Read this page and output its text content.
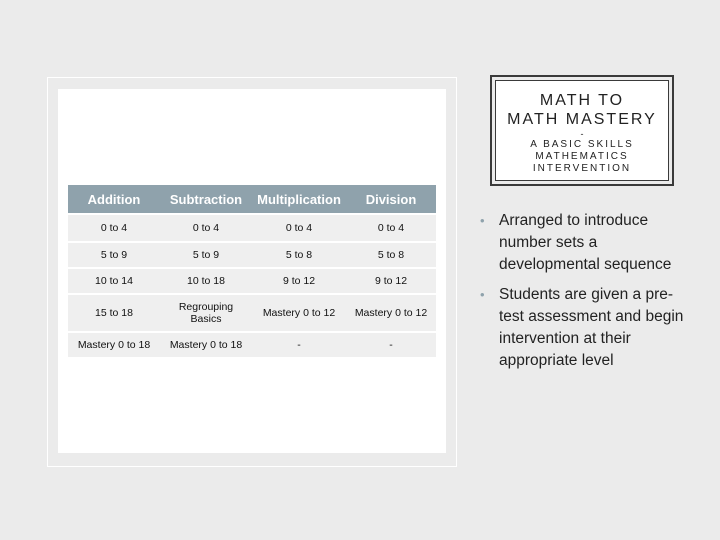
Addition	Subtraction	Multiplication	Division
0 to 4	0 to 4	0 to 4	0 to 4
5 to 9	5 to 9	5 to 8	5 to 8
10 to 14	10 to 18	9 to 12	9 to 12
15 to 18	Regrouping Basics	Mastery 0 to 12	Mastery 0 to 12
Mastery 0 to 18	Mastery 0 to 18	-	-
MATH TO
MATH MASTERY
-
A BASIC SKILLS
MATHEMATICS
INTERVENTION
• Arranged to introduce number sets a developmental sequence
• Students are given a pre-test assessment and begin intervention at their appropriate level
